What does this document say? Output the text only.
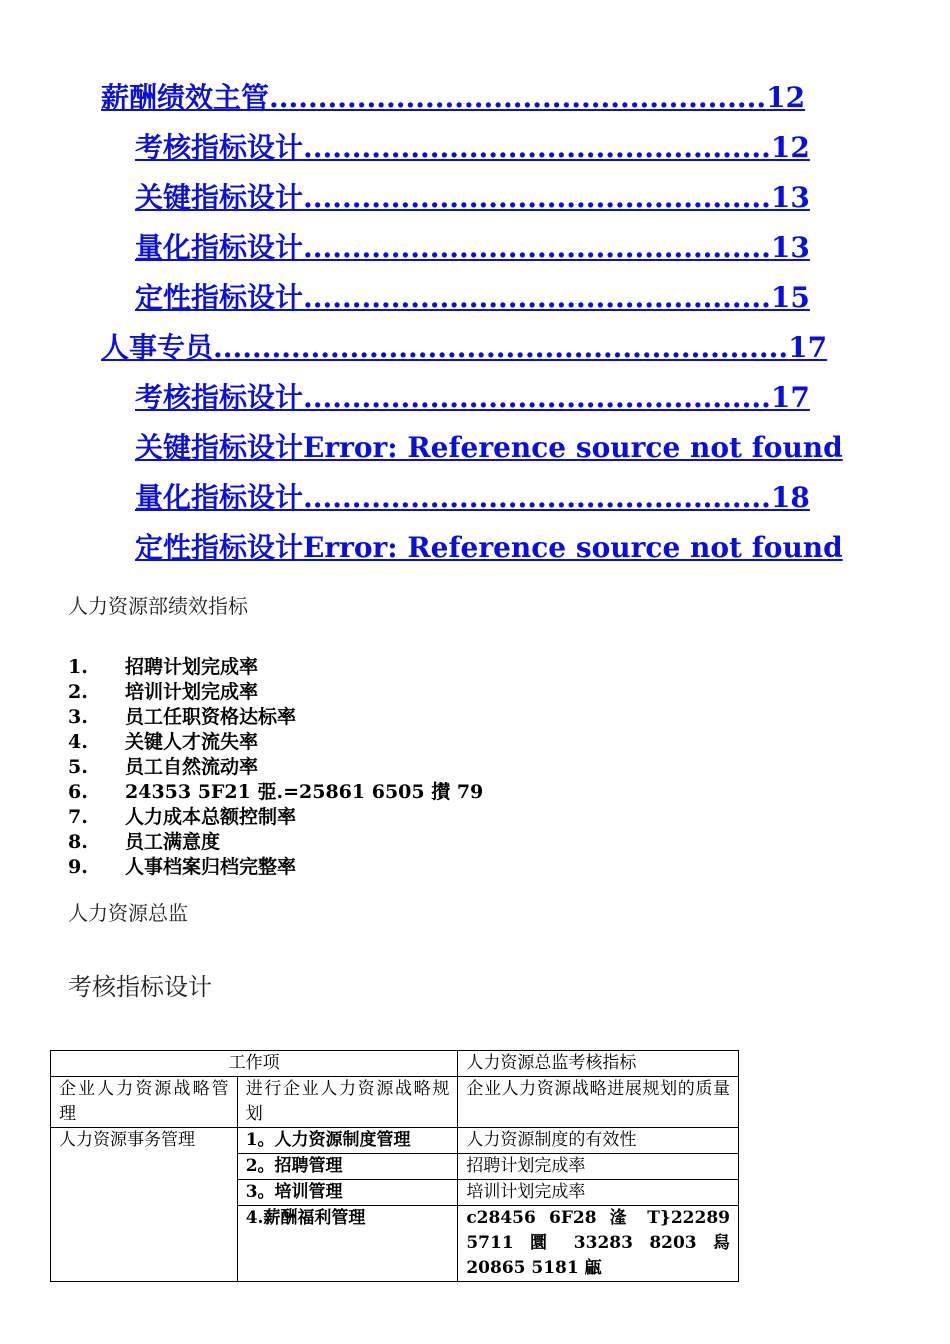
薪酬绩效主管...................................................12
考核指标设计................................................12
关键指标设计................................................13
量化指标设计................................................13
定性指标设计................................................15
人事专员...........................................................17
考核指标设计................................................17
关键指标设计Error: Reference source not found
量化指标设计................................................18
定性指标设计Error: Reference source not found
人力资源部绩效指标
1. 招聘计划完成率
2. 培训计划完成率
3. 员工任职资格达标率
4. 关键人才流失率
5. 员工自然流动率
6. 24353 5F21 弫.=25861 6505 攅 79
7. 人力成本总额控制率
8. 员工满意度
9. 人事档案归档完整率
人力资源总监
考核指标设计
工作项		人力资源总监考核指标
企业人力资源战略管理	进行企业人力资源战略规划	企业人力资源战略进展规划的质量
人力资源事务管理	1。人力资源制度管理	人力资源制度的有效性
	2。招聘管理	招聘计划完成率
	3。培训管理	培训计划完成率
	4.薪酬福利管理	c28456 6F28 湰 T}22289 5711 圜 33283 8203 舄 20865 5181 甂
